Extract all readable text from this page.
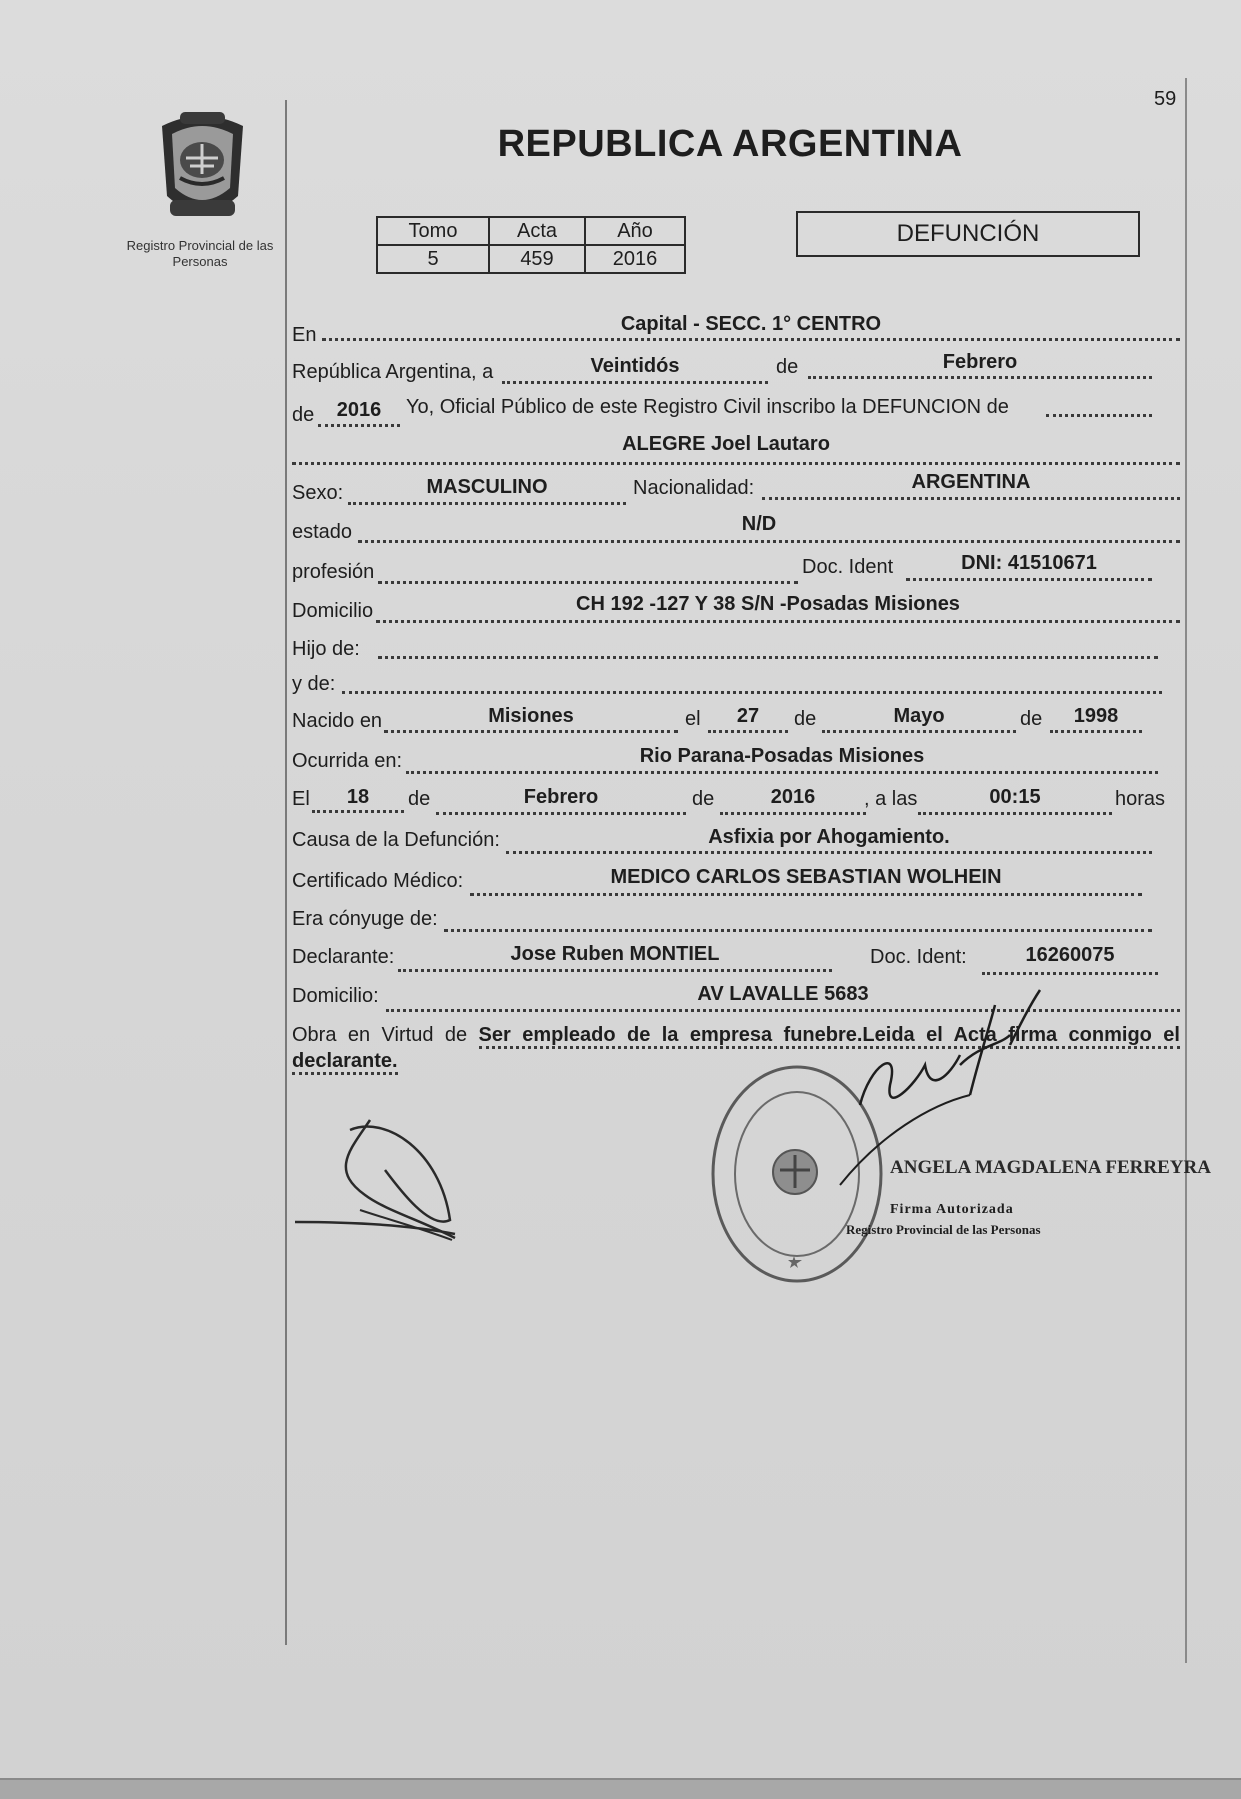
59
Registro Provincial de las Personas
REPUBLICA ARGENTINA
Tomo	Acta	Año
5	459	2016
DEFUNCIÓN
En	Capital - SECC. 1° CENTRO
República Argentina, a	Veintidós	de	Febrero
de	2016	Yo, Oficial Público de este Registro Civil inscribo la DEFUNCION de
ALEGRE Joel Lautaro
Sexo:	MASCULINO	Nacionalidad:	ARGENTINA
estado	N/D
profesión	Doc. Ident	DNI: 41510671
Domicilio	CH 192 -127 Y 38 S/N -Posadas Misiones
Hijo de:
y de:
Nacido en	Misiones	el	27	de	Mayo	de	1998
Ocurrida en:	Rio Parana-Posadas Misiones
El	18	de	Febrero	de	2016	, a las	00:15	horas
Causa de la Defunción:	Asfixia por Ahogamiento.
Certificado Médico:	MEDICO CARLOS SEBASTIAN WOLHEIN
Era cónyuge de:
Declarante:	Jose Ruben MONTIEL	Doc. Ident:	16260075
Domicilio:	AV LAVALLE 5683
Obra en Virtud de Ser empleado de la empresa funebre.Leida el Acta firma conmigo el declarante.
ANGELA MAGDALENA FERREYRA
Firma Autorizada
Registro Provincial de las Personas
